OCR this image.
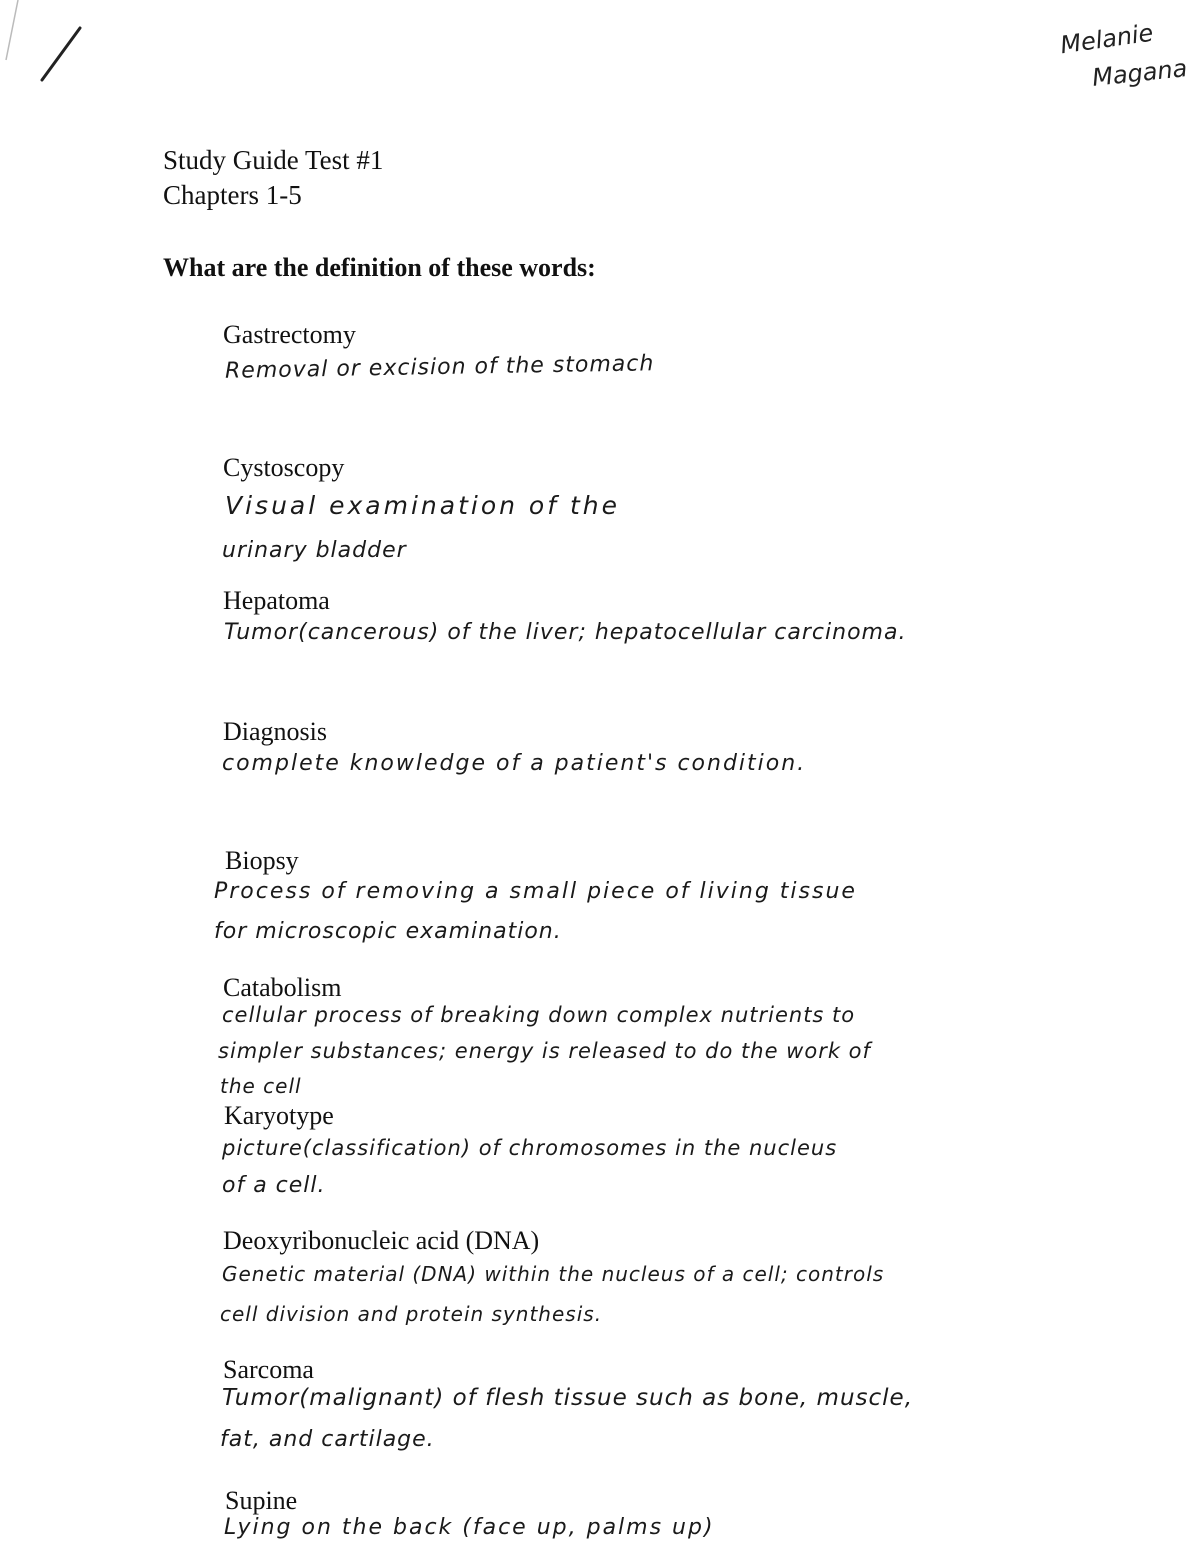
Melanie
Magana
Study Guide Test #1
Chapters 1-5
What are the definition of these words:
Gastrectomy
Removal or excision of the stomach
Cystoscopy
Visual examination of the
urinary bladder
Hepatoma
Tumor(cancerous) of the liver; hepatocellular carcinoma.
Diagnosis
complete knowledge of a patient's condition.
Biopsy
Process of removing a small piece of living tissue
for microscopic examination.
Catabolism
cellular process of breaking down complex nutrients to
simpler substances; energy is released to do the work of
the cell
Karyotype
picture(classification) of chromosomes in the nucleus
of a cell.
Deoxyribonucleic acid (DNA)
Genetic material (DNA) within the nucleus of a cell; controls
cell division and protein synthesis.
Sarcoma
Tumor(malignant) of flesh tissue such as bone, muscle,
fat, and cartilage.
Supine
Lying on the back (face up, palms up)
